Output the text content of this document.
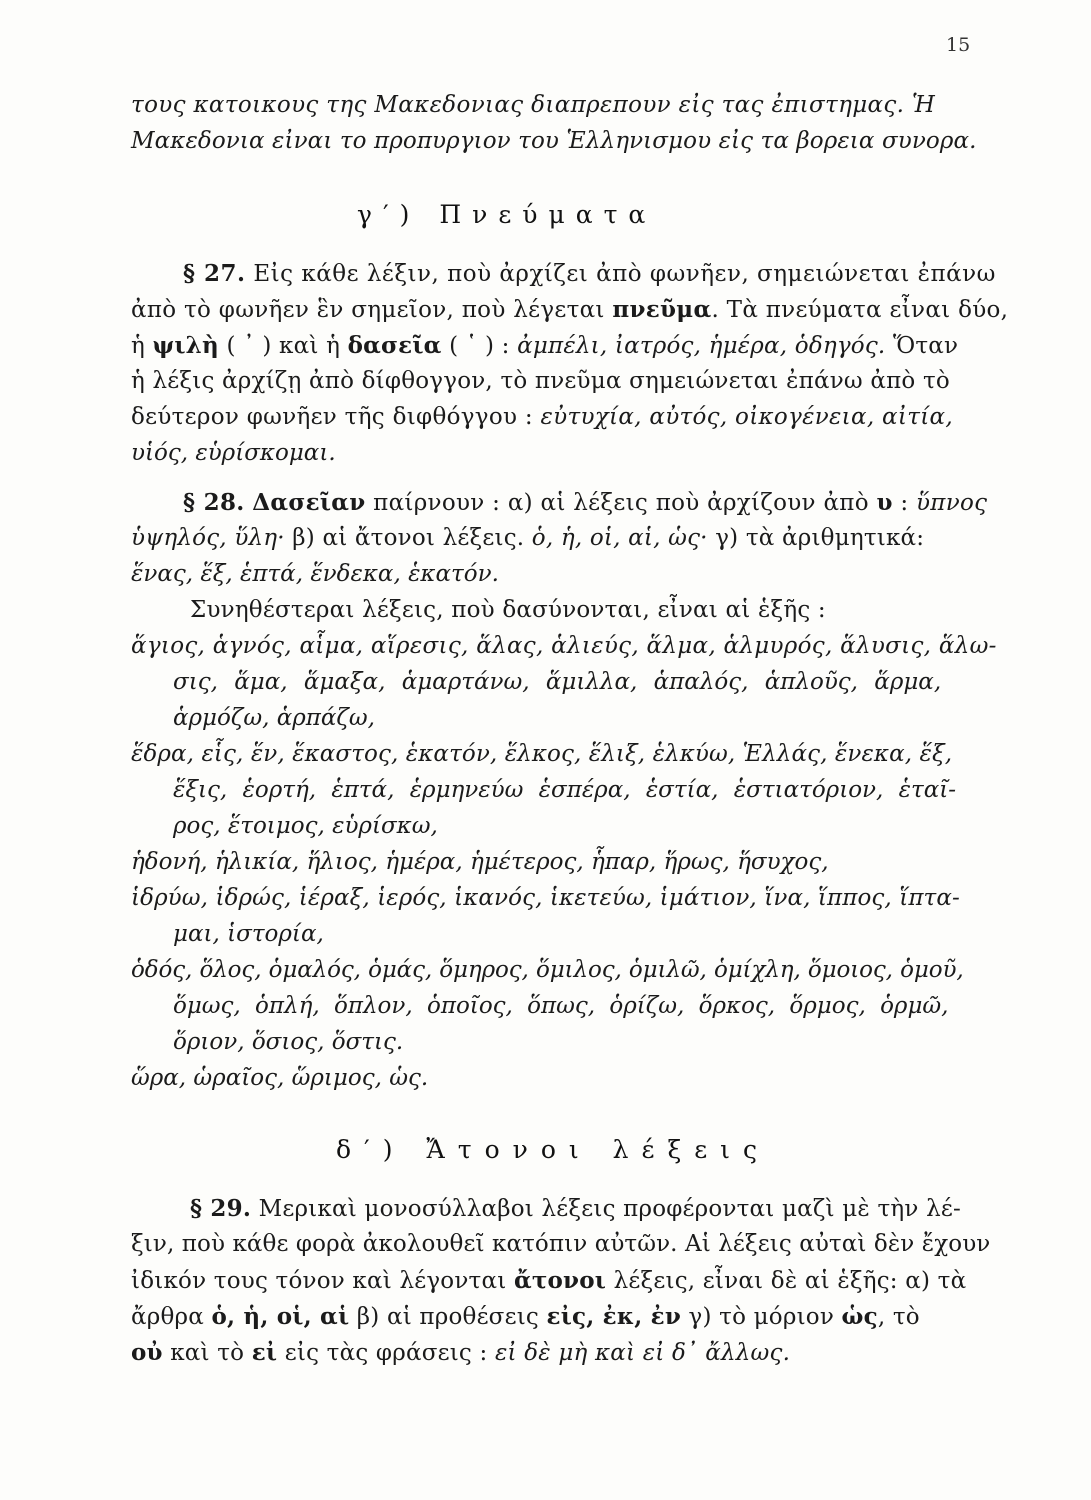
15
τους κατοικους της Μακεδονιας διαπρεπουν εἰς τας ἐπιστημας. Ἡ
Μακεδονια εἰναι το προπυργιον του Ἑλληνισμου εἰς τα βορεια συνορα.
γ′) Πνεύματα
§ 27. Εἰς κάθε λέξιν, ποὺ ἀρχίζει ἀπὸ φωνῆεν, σημειώνεται ἐπάνω
ἀπὸ τὸ φωνῆεν ἓν σημεῖον, ποὺ λέγεται πνεῦμα. Τὰ πνεύματα εἶναι δύο,
ἡ ψιλὴ ( ᾿ ) καὶ ἡ δασεῖα ( ῾ ) : ἀμπέλι, ἰατρός, ἡμέρα, ὁδηγός. Ὅταν
ἡ λέξις ἀρχίζῃ ἀπὸ δίφθογγον, τὸ πνεῦμα σημειώνεται ἐπάνω ἀπὸ τὸ
δεύτερον φωνῆεν τῆς διφθόγγου : εὐτυχία, αὐτός, οἰκογένεια, αἰτία,
υἱός, εὑρίσκομαι.
§ 28. Δασεῖαν παίρνουν : α) αἱ λέξεις ποὺ ἀρχίζουν ἀπὸ υ : ὕπνος
ὑψηλός, ὕλη· β) αἱ ἄτονοι λέξεις. ὁ, ἡ, οἱ, αἱ, ὡς· γ) τὰ ἀριθμητικά:
ἕνας, ἕξ, ἑπτά, ἕνδεκα, ἑκατόν.
Συνηθέστεραι λέξεις, ποὺ δασύνονται, εἶναι αἱ ἑξῆς :
ἅγιος, ἁγνός, αἷμα, αἵρεσις, ἅλας, ἁλιεύς, ἅλμα, ἁλμυρός, ἅλυσις, ἅλω-
σις, ἅμα, ἅμαξα, ἁμαρτάνω, ἅμιλλα, ἁπαλός, ἁπλοῦς, ἅρμα,
ἁρμόζω, ἁρπάζω,
ἕδρα, εἷς, ἕν, ἕκαστος, ἑκατόν, ἕλκος, ἕλιξ, ἑλκύω, Ἑλλάς, ἕνεκα, ἕξ,
ἕξις, ἑορτή, ἑπτά, ἑρμηνεύω ἑσπέρα, ἑστία, ἑστιατόριον, ἑταῖ-
ρος, ἕτοιμος, εὑρίσκω,
ἡδονή, ἡλικία, ἥλιος, ἡμέρα, ἡμέτερος, ἧπαρ, ἥρως, ἥσυχος,
ἱδρύω, ἱδρώς, ἱέραξ, ἱερός, ἱκανός, ἱκετεύω, ἱμάτιον, ἵνα, ἵππος, ἵπτα-
μαι, ἱστορία,
ὁδός, ὅλος, ὁμαλός, ὁμάς, ὅμηρος, ὅμιλος, ὁμιλῶ, ὁμίχλη, ὅμοιος, ὁμοῦ,
ὅμως, ὁπλή, ὅπλον, ὁποῖος, ὅπως, ὁρίζω, ὅρκος, ὅρμος, ὁρμῶ,
ὅριον, ὅσιος, ὅστις.
ὥρα, ὡραῖος, ὥριμος, ὡς.
δ′) Ἄτονοι λέξεις
§ 29. Μερικαὶ μονοσύλλαβοι λέξεις προφέρονται μαζὶ μὲ τὴν λέ-
ξιν, ποὺ κάθε φορὰ ἀκολουθεῖ κατόπιν αὐτῶν. Αἱ λέξεις αὐταὶ δὲν ἔχουν
ἰδικόν τους τόνον καὶ λέγονται ἄτονοι λέξεις, εἶναι δὲ αἱ ἑξῆς: α) τὰ
ἄρθρα ὁ, ἡ, οἱ, αἱ β) αἱ προθέσεις εἰς, ἐκ, ἐν γ) τὸ μόριον ὡς, τὸ
οὐ καὶ τὸ εἰ εἰς τὰς φράσεις : εἰ δὲ μὴ καὶ εἰ δ᾿ ἄλλως.
